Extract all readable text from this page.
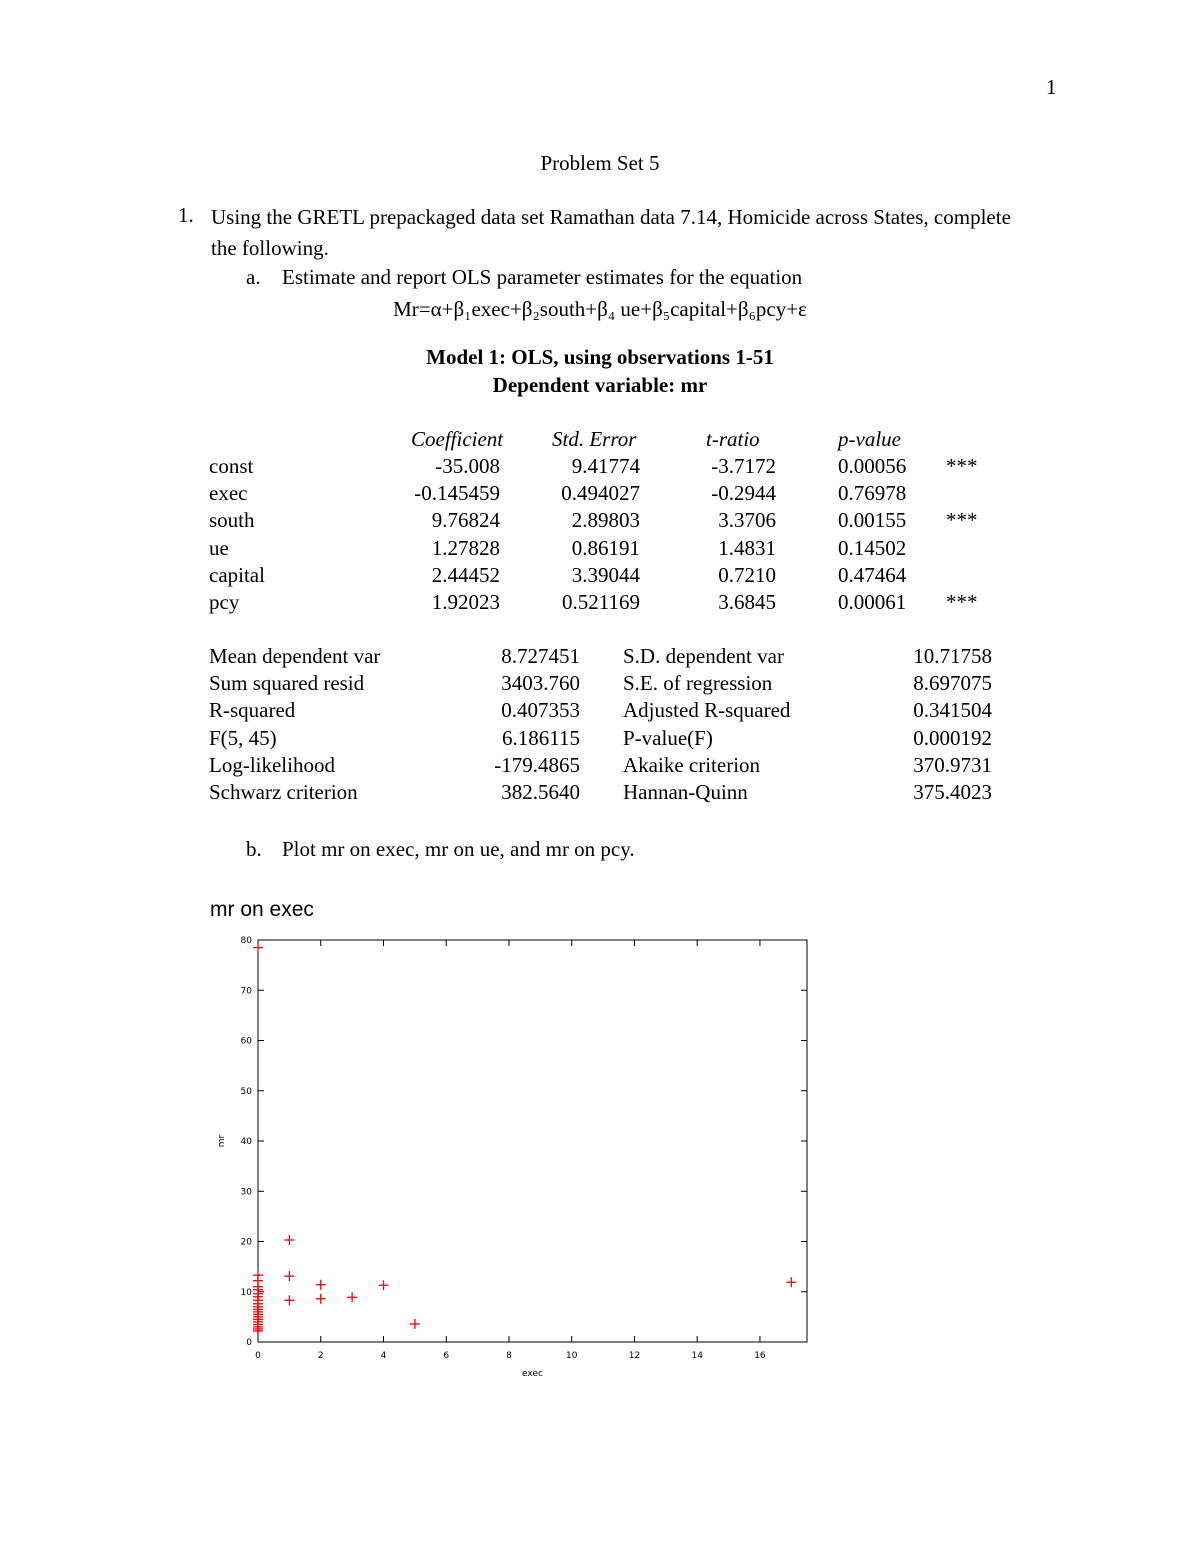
1
Problem Set 5
1. Using the GRETL prepackaged data set Ramathan data 7.14, Homicide across States, complete the following.
a. Estimate and report OLS parameter estimates for the equation
Mr=α+β₁exec+β₂south+β₄ ue+β₅capital+β₆pcy+ε
Model 1: OLS, using observations 1-51
Dependent variable: mr
Coefficient Std. Error	t-ratio	p-value
const	-35.008	9.41774	-3.7172	0.00056 ***
exec	-0.145459	0.494027	-0.2944	0.76978
south	9.76824	2.89803	3.3706	0.00155 ***
ue	1.27828	0.86191	1.4831	0.14502
capital	2.44452	3.39044	0.7210	0.47464
pcy	1.92023	0.521169	3.6845	0.00061 ***
Mean dependent var	8.727451 S.D. dependent var	10.71758
Sum squared resid	3403.760 S.E. of regression	8.697075
R-squared	0.407353 Adjusted R-squared	0.341504
F(5, 45)	6.186115 P-value(F)	0.000192
Log-likelihood	-179.4865 Akaike criterion	370.9731
Schwarz criterion	382.5640 Hannan-Quinn	375.4023
b. Plot mr on exec, mr on ue, and mr on pcy.
mr on exec
0	2	4	6	8	10	12	14	16
0
10
20
30
40
50
60
70
80
exec
mr
